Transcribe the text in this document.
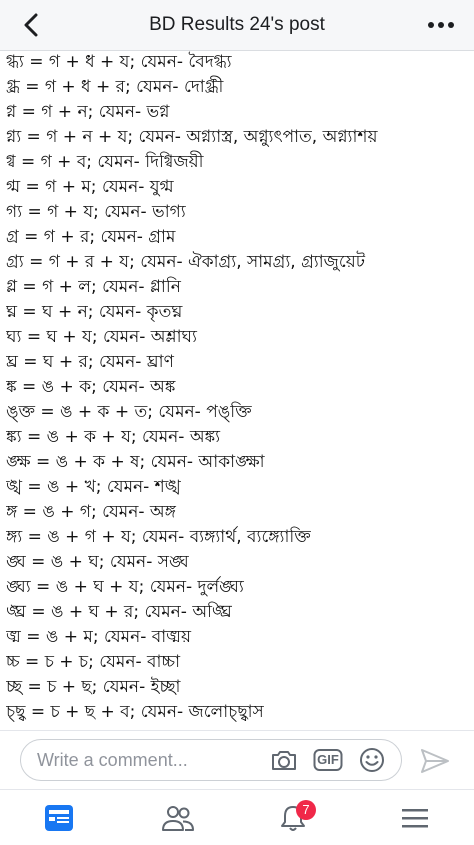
BD Results 24's post
গ্ধ্য = গ + ধ + য; যেমন- বৈদগ্ধ্য
গ্ধ্র = গ + ধ + র; যেমন- দোগ্ধ্রী
গ্ন = গ + ন; যেমন- ভগ্ন
গ্ন্য = গ + ন + য; যেমন- অগ্ন্যাস্ত্র, অগ্ন্যুৎপাত, অগ্ন্যাশয়
গ্ব = গ + ব; যেমন- দিগ্বিজয়ী
গ্ম = গ + ম; যেমন- যুগ্ম
গ্য = গ + য; যেমন- ভাগ্য
গ্র = গ + র; যেমন- গ্রাম
গ্র্য = গ + র + য; যেমন- ঐকাগ্র্য, সামগ্র্য, গ্র্যাজুয়েট
গ্ল = গ + ল; যেমন- গ্লানি
ঘ্ন = ঘ + ন; যেমন- কৃতঘ্ন
ঘ্য = ঘ + য; যেমন- অশ্লাঘ্য
ঘ্র = ঘ + র; যেমন- ঘ্রাণ
ঙ্ক = ঙ + ক; যেমন- অঙ্ক
ঙ্‌ক্ত = ঙ + ক + ত; যেমন- পঙ্‌ক্তি
ঙ্ক্য = ঙ + ক + য; যেমন- অঙ্ক্য
ঙ্ক্ষ = ঙ + ক + ষ; যেমন- আকাঙ্ক্ষা
ঙ্খ = ঙ + খ; যেমন- শঙ্খ
ঙ্গ = ঙ + গ; যেমন- অঙ্গ
ঙ্গ্য = ঙ + গ + য; যেমন- ব্যঙ্গ্যার্থ, ব্যঙ্গ্যোক্তি
ঙ্ঘ = ঙ + ঘ; যেমন- সঙ্ঘ
ঙ্ঘ্য = ঙ + ঘ + য; যেমন- দুর্লঙ্ঘ্য
ঙ্ঘ্র = ঙ + ঘ + র; যেমন- অঙ্ঘ্রি
ঙ্ম = ঙ + ম; যেমন- বাঙ্ময়
চ্চ = চ + চ; যেমন- বাচ্চা
চ্ছ = চ + ছ; যেমন- ইচ্ছা
চ্ছ্ব = চ + ছ + ব; যেমন- জলোচ্ছ্বাস
Write a comment...
GIF
7
